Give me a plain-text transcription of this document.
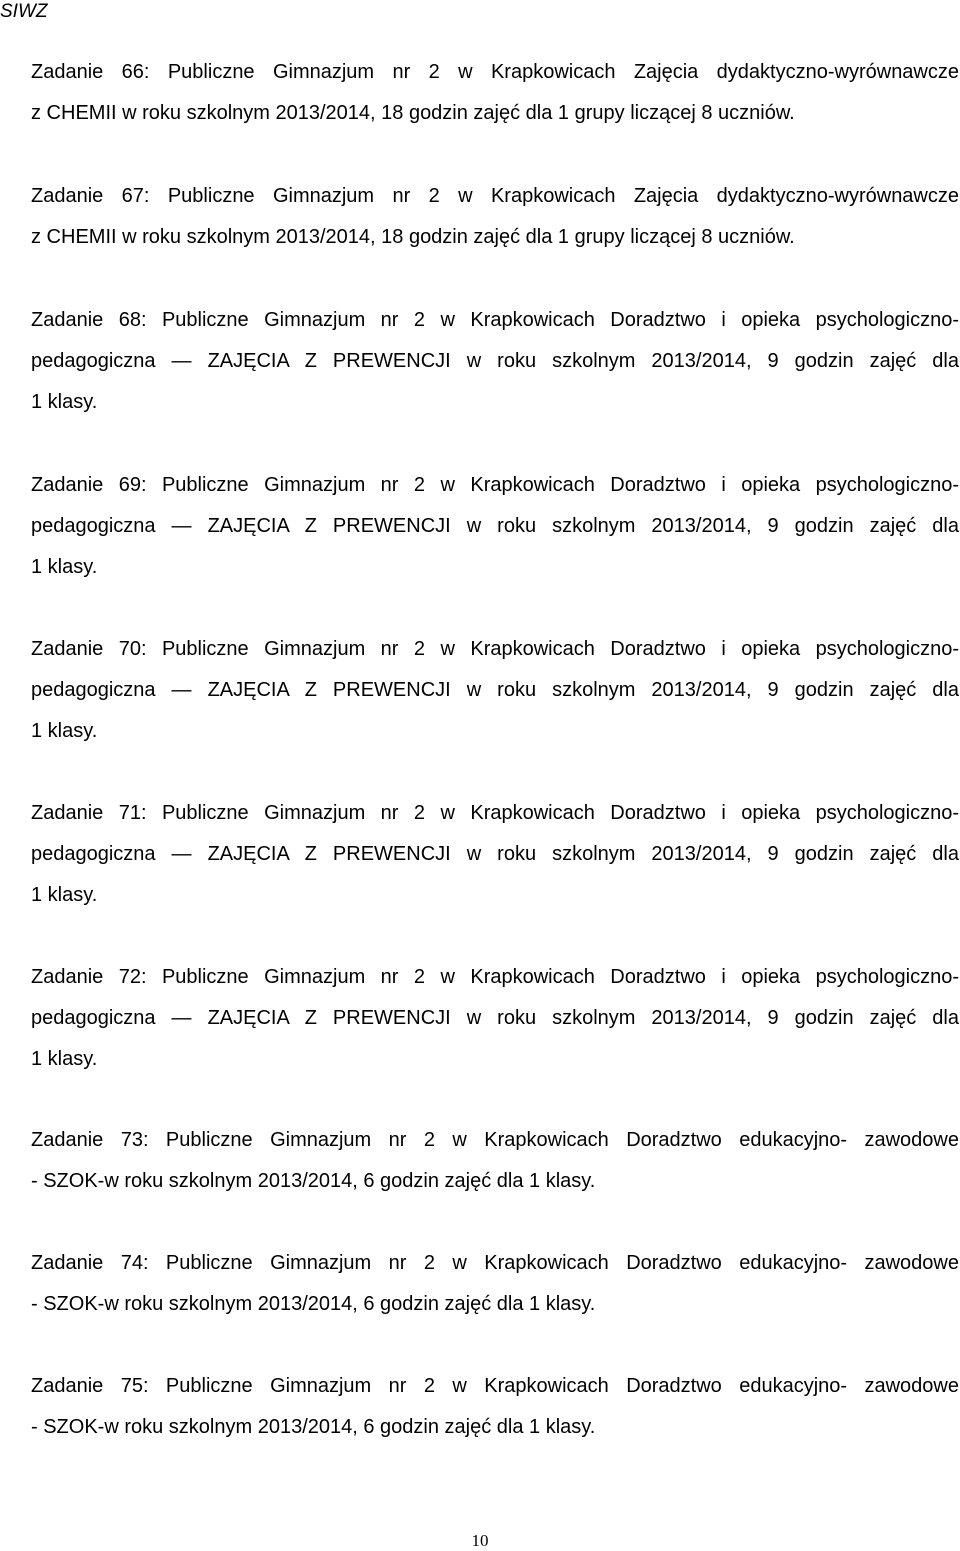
SIWZ
Zadanie 66: Publiczne Gimnazjum nr 2 w Krapkowicach Zajęcia dydaktyczno-wyrównawcze
z CHEMII w roku szkolnym 2013/2014, 18 godzin zajęć dla 1 grupy liczącej 8 uczniów.
Zadanie 67: Publiczne Gimnazjum nr 2 w Krapkowicach Zajęcia dydaktyczno-wyrównawcze
z CHEMII w roku szkolnym 2013/2014, 18 godzin zajęć dla 1 grupy liczącej 8 uczniów.
Zadanie 68: Publiczne Gimnazjum nr 2 w Krapkowicach Doradztwo i opieka psychologiczno-
pedagogiczna — ZAJĘCIA Z PREWENCJI w roku szkolnym 2013/2014, 9 godzin zajęć dla
1 klasy.
Zadanie 69: Publiczne Gimnazjum nr 2 w Krapkowicach Doradztwo i opieka psychologiczno-
pedagogiczna — ZAJĘCIA Z PREWENCJI w roku szkolnym 2013/2014, 9 godzin zajęć dla
1 klasy.
Zadanie 70: Publiczne Gimnazjum nr 2 w Krapkowicach Doradztwo i opieka psychologiczno-
pedagogiczna — ZAJĘCIA Z PREWENCJI w roku szkolnym 2013/2014, 9 godzin zajęć dla
1 klasy.
Zadanie 71: Publiczne Gimnazjum nr 2 w Krapkowicach Doradztwo i opieka psychologiczno-
pedagogiczna — ZAJĘCIA Z PREWENCJI w roku szkolnym 2013/2014, 9 godzin zajęć dla
1 klasy.
Zadanie 72: Publiczne Gimnazjum nr 2 w Krapkowicach Doradztwo i opieka psychologiczno-
pedagogiczna — ZAJĘCIA Z PREWENCJI w roku szkolnym 2013/2014, 9 godzin zajęć dla
1 klasy.
Zadanie 73: Publiczne Gimnazjum nr 2 w Krapkowicach Doradztwo edukacyjno- zawodowe
- SZOK-w roku szkolnym 2013/2014, 6 godzin zajęć dla 1 klasy.
Zadanie 74: Publiczne Gimnazjum nr 2 w Krapkowicach Doradztwo edukacyjno- zawodowe
- SZOK-w roku szkolnym 2013/2014, 6 godzin zajęć dla 1 klasy.
Zadanie 75: Publiczne Gimnazjum nr 2 w Krapkowicach Doradztwo edukacyjno- zawodowe
- SZOK-w roku szkolnym 2013/2014, 6 godzin zajęć dla 1 klasy.
10
